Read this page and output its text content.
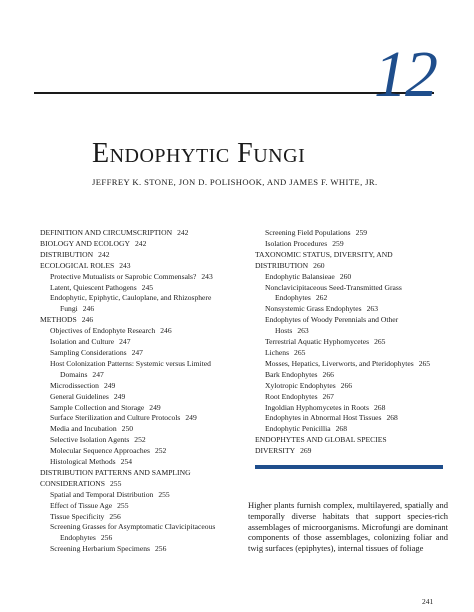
12
Endophytic Fungi
JEFFREY K. STONE, JON D. POLISHOOK, AND JAMES F. WHITE, JR.
DEFINITION AND CIRCUMSCRIPTION 242
BIOLOGY AND ECOLOGY 242
DISTRIBUTION 242
ECOLOGICAL ROLES 243
Protective Mutualists or Saprobic Commensals? 243
Latent, Quiescent Pathogens 245
Endophytic, Epiphytic, Cauloplane, and Rhizosphere
Fungi 246
METHODS 246
Objectives of Endophyte Research 246
Isolation and Culture 247
Sampling Considerations 247
Host Colonization Patterns: Systemic versus Limited
Domains 247
Microdissection 249
General Guidelines 249
Sample Collection and Storage 249
Surface Sterilization and Culture Protocols 249
Media and Incubation 250
Selective Isolation Agents 252
Molecular Sequence Approaches 252
Histological Methods 254
DISTRIBUTION PATTERNS AND SAMPLING
CONSIDERATIONS 255
Spatial and Temporal Distribution 255
Effect of Tissue Age 255
Tissue Specificity 256
Screening Grasses for Asymptomatic Clavicipitaceous
Endophytes 256
Screening Herbarium Specimens 256
Screening Field Populations 259
Isolation Procedures 259
TAXONOMIC STATUS, DIVERSITY, AND
DISTRIBUTION 260
Endophytic Balansieae 260
Nonclavicipitaceous Seed-Transmitted Grass
Endophytes 262
Nonsystemic Grass Endophytes 263
Endophytes of Woody Perennials and Other
Hosts 263
Terrestrial Aquatic Hyphomycetes 265
Lichens 265
Mosses, Hepatics, Liverworts, and Pteridophytes 265
Bark Endophytes 266
Xylotropic Endophytes 266
Root Endophytes 267
Ingoldian Hyphomycetes in Roots 268
Endophytes in Abnormal Host Tissues 268
Endophytic Penicillia 268
ENDOPHYTES AND GLOBAL SPECIES
DIVERSITY 269

Higher plants furnish complex, multilayered, spatially and temporally diverse habitats that support species-rich assemblages of microorganisms. Microfungi are dominant components of those assemblages, colonizing foliar and twig surfaces (epiphytes), internal tissues of foliage

241
